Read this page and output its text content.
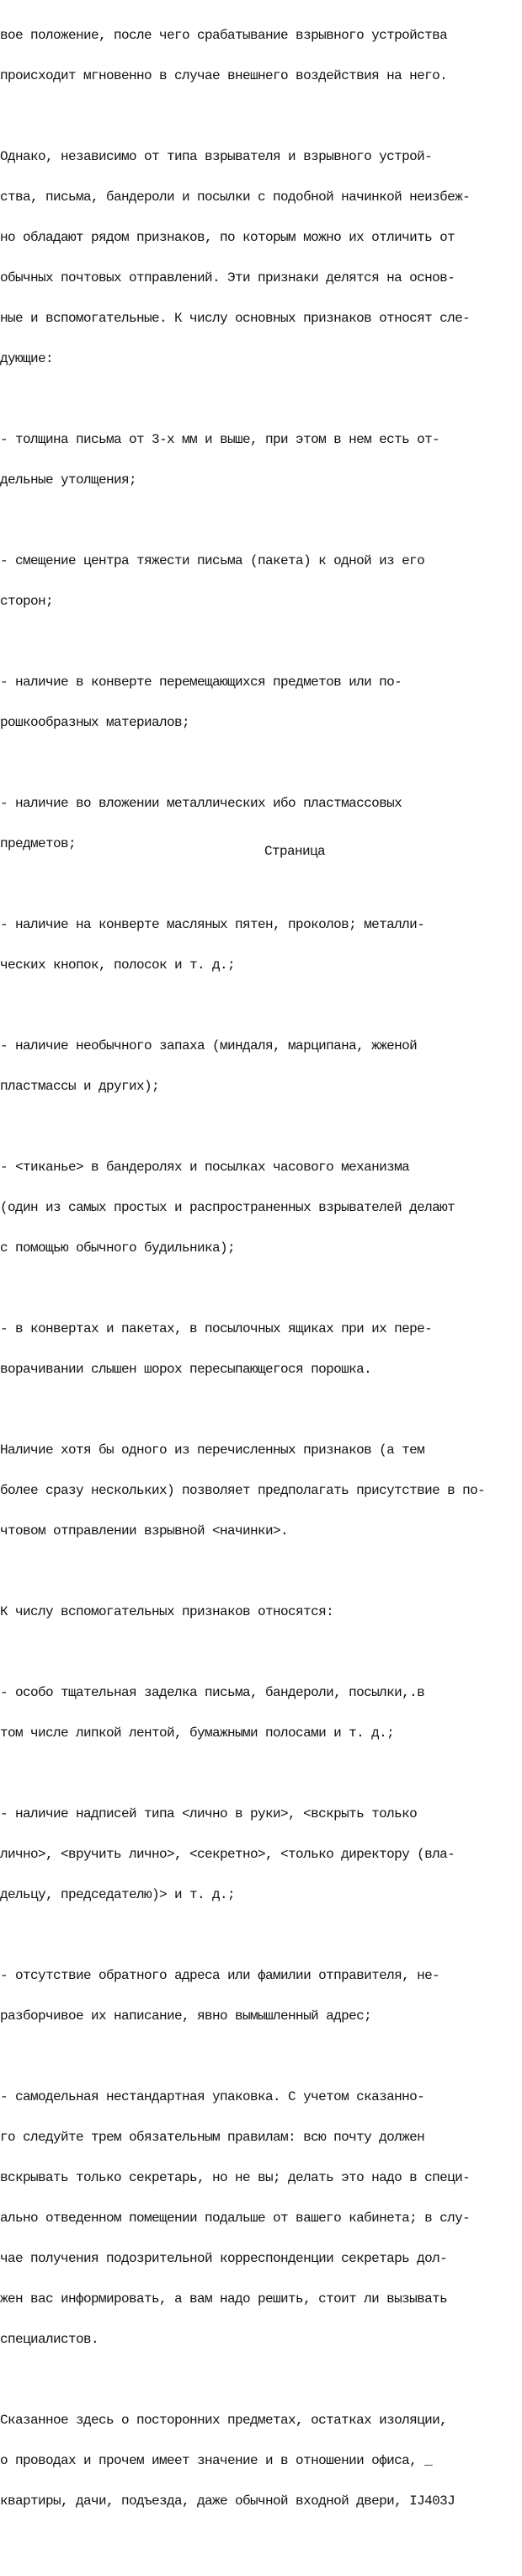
вое положение, после чего срабатывание взрывного устройства

происходит мгновенно в случае внешнего воздействия на него.

Однако, независимо от типа взрывателя и взрывного устрой-

ства, письма, бандероли и посылки с подобной начинкой неизбеж-

но обладают рядом признаков, по которым можно их отличить от

обычных почтовых отправлений. Эти признаки делятся на основ-

ные и вспомогательные. К числу основных признаков относят сле-

дующие:

- толщина письма от 3-х мм и выше, при этом в нем есть от-

дельные утолщения;

- смещение центра тяжести письма (пакета) к одной из его

сторон;

- наличие в конверте перемещающихся предметов или по-

рошкообразных материалов;

- наличие во вложении металлических ибо пластмассовых

предметов;

- наличие на конверте масляных пятен, проколов; металли-

ческих кнопок, полосок и т. д.;

- наличие необычного запаха (миндаля, марципана, жженой

пластмассы и других);

- <тиканье> в бандеролях и посылках часового механизма

(один из самых простых и распространенных взрывателей делают

с помощью обычного будильника);

- в конвертах и пакетах, в посылочных ящиках при их пере-

ворачивании слышен шорох пересыпающегося порошка.

Наличие хотя бы одного из перечисленных признаков (а тем

более сразу нескольких) позволяет предполагать присутствие в по-

чтовом отправлении взрывной <начинки>.

К числу вспомогательных признаков относятся:

- особо тщательная заделка письма, бандероли, посылки,.в

том числе липкой лентой, бумажными полосами и т. д.;

- наличие надписей типа <лично в руки>, <вскрыть только

лично>, <вручить лично>, <секретно>, <только директору (вла-

дельцу, председателю)> и т. д.;

- отсутствие обратного адреса или фамилии отправителя, не-

разборчивое их написание, явно вымышленный адрес;

- самодельная нестандартная упаковка. С учетом сказанно-

го следуйте трем обязательным правилам: всю почту должен

вскрывать только секретарь, но не вы; делать это надо в специ-

ально отведенном помещении подальше от вашего кабинета; в слу-

чае получения подозрительной корреспонденции секретарь дол-

жен вас информировать, а вам надо решить, стоит ли вызывать

специалистов.

Сказанное здесь о посторонних предметах, остатках изоляции,

о проводах и прочем имеет значение и в отношении офиса, _

квартиры, дачи, подъезда, даже обычной входной двери, IJ403J

Страница
